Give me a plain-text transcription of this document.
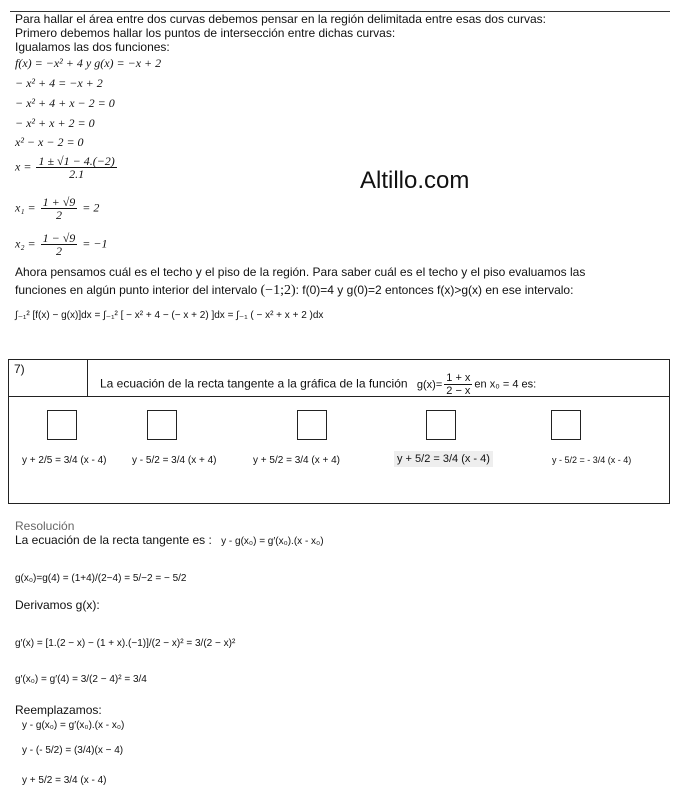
Para hallar el área entre dos curvas debemos pensar en la región delimitada entre esas dos curvas:
Primero debemos hallar los puntos de intersección entre dichas curvas:
Igualamos las dos funciones:
f(x) = −x² + 4 y g(x) = −x + 2
− x² + 4 = −x + 2
− x² + 4 + x − 2 = 0
− x² + x + 2 = 0
x² − x − 2 = 0
$x = \frac{1 \pm √1 - 4.(-2)}{2.1}$
$x_1 = \frac{1 + √9}{2} = 2$
$x_2 = \frac{1 - √9}{2} = -1$
Altillo.com
Ahora pensamos cuál es el techo y el piso de la región. Para saber cuál es el techo y el piso evaluamos las
funciones en algún punto interior del intervalo (−1;2): f(0)=4 y g(0)=2 entonces f(x)>g(x) en ese intervalo:
∫₋₁² [f(x) − g(x)]dx = ∫₋₁² [ − x² + 4 − (− x + 2) ]dx = ∫₋₁ ( − x² + x + 2 )dx
7)
La ecuación de la recta tangente a la gráfica de la función $g(x)= \frac{1 + x}{2 - x}$ en x₀ = 4 es:
y + 2/5 = 3/4 (x - 4)	y - 5/2 = 3/4 (x + 4)	y + 5/2 = 3/4 (x + 4)	y + 5/2 = 3/4 (x - 4)	y - 5/2 = - 3/4 (x - 4)
Resolución
La ecuación de la recta tangente es : y - g(x₀) = g′(x₀).(x - x₀)
g(x₀)=g(4) = (1+4)/(2−4) = 5/−2 = − 5/2
Derivamos g(x):
g′(x) = [1.(2 − x) − (1 + x).(−1)]/(2 − x)² = 3/(2 − x)²
g′(x₀) = g′(4) = 3/(2 − 4)² = 3/4
Reemplazamos:
y - g(x₀) = g′(x₀).(x - x₀)
y - (- 5/2) = (3/4)(x − 4)
y + 5/2 = 3/4 (x - 4)
